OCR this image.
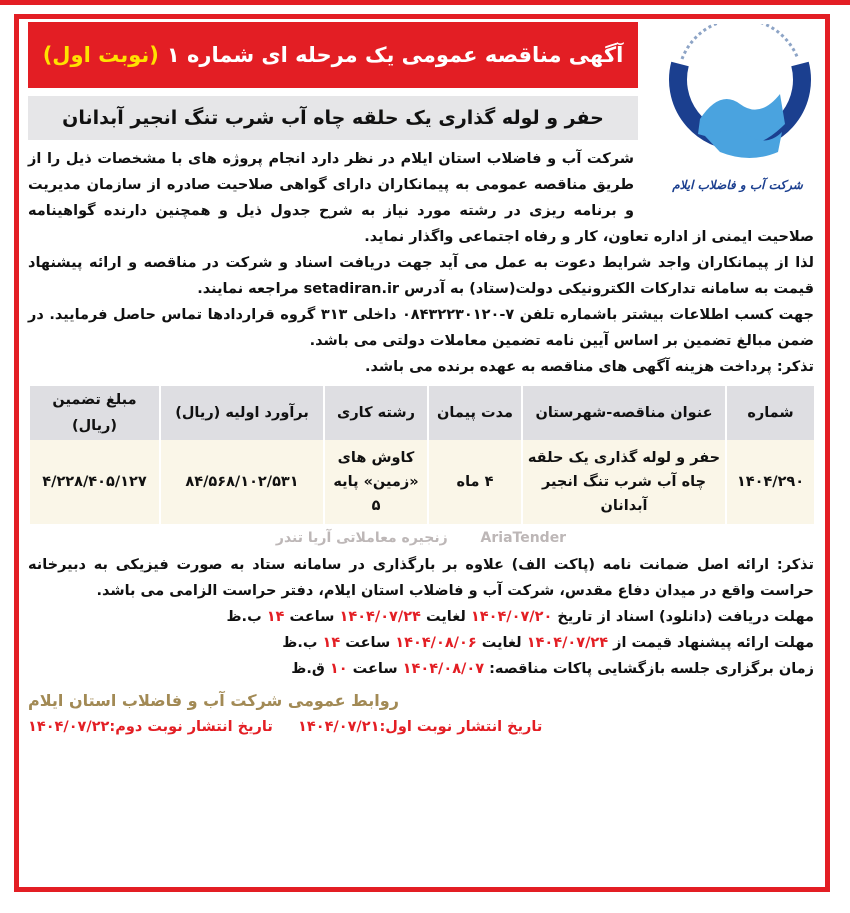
آگهی مناقصه عمومی یک مرحله ای شماره ۱
(نوبت اول)
حفر و لوله گذاری یک حلقه چاه آب شرب تنگ انجیر آبدانان
شرکت آب و فاضلاب ایلام
شرکت آب و فاضلاب استان ایلام در نظر دارد انجام پروژه های با مشخصات ذیل را از طریق مناقصه عمومی به پیمانکاران دارای گواهی صلاحیت صادره از سازمان مدیریت و برنامه ریزی در رشته مورد نیاز به شرح جدول ذیل و همچنین دارنده گواهینامه صلاحیت ایمنی از اداره تعاون، کار و رفاه اجتماعی واگذار نماید.
لذا از پیمانکاران واجد شرایط دعوت به عمل می آید جهت دریافت اسناد و شرکت در مناقصه و ارائه پیشنهاد قیمت به سامانه تدارکات الکترونیکی دولت(ستاد) به آدرس setadiran.ir مراجعه نمایند.
جهت کسب اطلاعات بیشتر باشماره تلفن ۷-۰۸۴۳۲۲۳۰۱۲۰ داخلی ۳۱۳ گروه قراردادها تماس حاصل فرمایید. در ضمن مبالغ تضمین بر اساس آیین نامه تضمین معاملات دولتی می باشد.
تذکر: پرداخت هزینه آگهی های مناقصه به عهده برنده می باشد.
شماره	عنوان مناقصه-شهرستان	مدت پیمان	رشته کاری	برآورد اولیه (ریال)	مبلغ تضمین (ریال)
۱۴۰۴/۲۹۰	حفر و لوله گذاری یک حلقه چاه آب شرب تنگ انجیر آبدانان	۴ ماه	کاوش های «زمین» پایه ۵	۸۴/۵۶۸/۱۰۲/۵۳۱	۴/۲۲۸/۴۰۵/۱۲۷
AriaTender زنجیره معاملاتی آریا تندر
تذکر: ارائه اصل ضمانت نامه (پاکت الف) علاوه بر بارگذاری در سامانه ستاد به صورت فیزیکی به دبیرخانه حراست واقع در میدان دفاع مقدس، شرکت آب و فاضلاب استان ایلام، دفتر حراست الزامی می باشد.
مهلت دریافت (دانلود) اسناد از تاریخ ۱۴۰۴/۰۷/۲۰ لغایت ۱۴۰۴/۰۷/۲۴ ساعت ۱۴ ب.ظ
مهلت ارائه پیشنهاد قیمت از ۱۴۰۴/۰۷/۲۴ لغایت ۱۴۰۴/۰۸/۰۶ ساعت ۱۴ ب.ظ
زمان برگزاری جلسه بازگشایی پاکات مناقصه: ۱۴۰۴/۰۸/۰۷ ساعت ۱۰ ق.ظ
روابط عمومی شرکت آب و فاضلاب استان ایلام
تاریخ انتشار نوبت اول:۱۴۰۴/۰۷/۲۱     تاریخ انتشار نوبت دوم:۱۴۰۴/۰۷/۲۲
